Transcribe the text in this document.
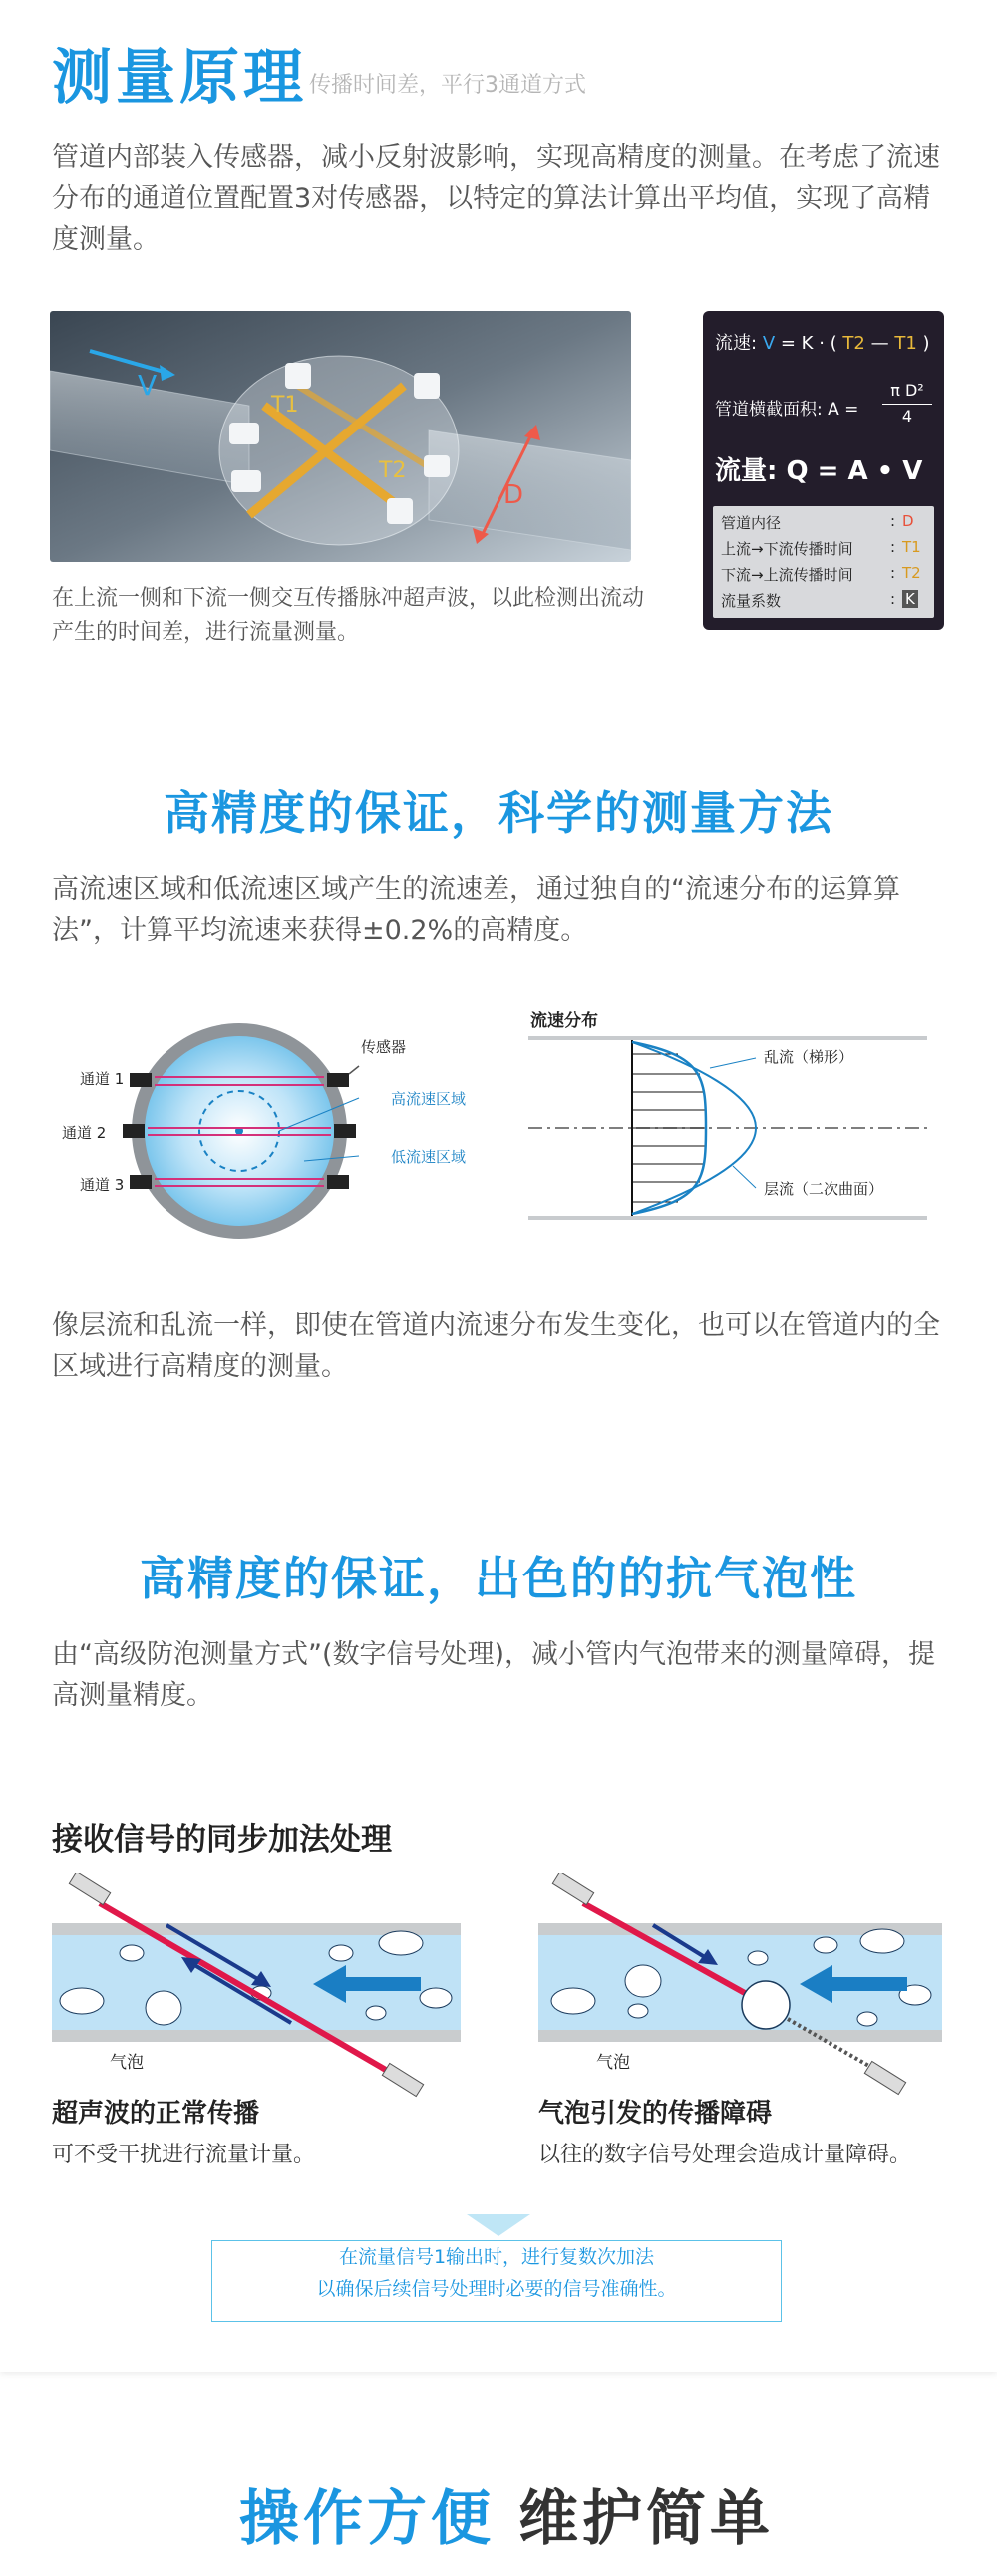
测量原理 传播时间差，平行3通道方式
管道内部装入传感器，减小反射波影响，实现高精度的测量。在考虑了流速分布的通道位置配置3对传感器，以特定的算法计算出平均值，实现了高精度测量。
V
T1
T2
D
在上流一侧和下流一侧交互传播脉冲超声波，以此检测出流动产生的时间差，进行流量测量。
流速: V = K · ( T2 — T1 )
管道横截面积: A =
π D²
4
流量: Q = A • V
管道内径	: D
上流→下流传播时间 : T1
下流→上流传播时间 : T2
流量系数	: K
高精度的保证，科学的测量方法
高流速区域和低流速区域产生的流速差，通过独自的“流速分布的运算算法”，计算平均流速来获得±0.2%的高精度。
传感器
通道 1
通道 2
通道 3
高流速区域
低流速区域
流速分布
乱流（梯形）
层流（二次曲面）
像层流和乱流一样，即使在管道内流速分布发生变化，也可以在管道内的全区域进行高精度的测量。
高精度的保证，出色的的抗气泡性
由“高级防泡测量方式”(数字信号处理)，减小管内气泡带来的测量障碍，提高测量精度。
接收信号的同步加法处理
气泡
超声波的正常传播
可不受干扰进行流量计量。
气泡
气泡引发的传播障碍
以往的数字信号处理会造成计量障碍。
在流量信号1输出时，进行复数次加法
以确保后续信号处理时必要的信号准确性。
操作方便 维护简单
